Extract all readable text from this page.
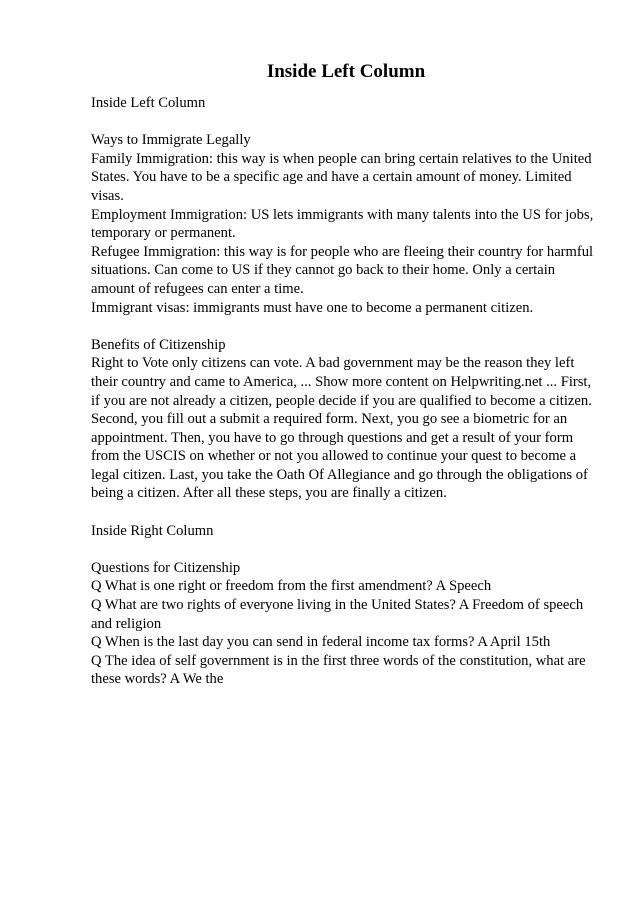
Inside Left Column

Inside Left Column

Ways to Immigrate Legally

Family Immigration: this way is when people can bring certain relatives to the United States. You have to be a specific age and have a certain amount of money. Limited visas.

Employment Immigration: US lets immigrants with many talents into the US for jobs, temporary or permanent.

Refugee Immigration: this way is for people who are fleeing their country for harmful situations. Can come to US if they cannot go back to their home. Only a certain amount of refugees can enter a time.

Immigrant visas: immigrants must have one to become a permanent citizen.

Benefits of Citizenship

Right to Vote only citizens can vote. A bad government may be the reason they left their country and came to America, ... Show more content on Helpwriting.net ... First, if you are not already a citizen, people decide if you are qualified to become a citizen. Second, you fill out a submit a required form. Next, you go see a biometric for an appointment. Then, you have to go through questions and get a result of your form from the USCIS on whether or not you allowed to continue your quest to become a legal citizen. Last, you take the Oath Of Allegiance and go through the obligations of being a citizen. After all these steps, you are finally a citizen.

Inside Right Column

Questions for Citizenship

Q What is one right or freedom from the first amendment? A Speech

Q What are two rights of everyone living in the United States? A Freedom of speech and religion

Q When is the last day you can send in federal income tax forms? A April 15th

Q The idea of self government is in the first three words of the constitution, what are these words? A We the
